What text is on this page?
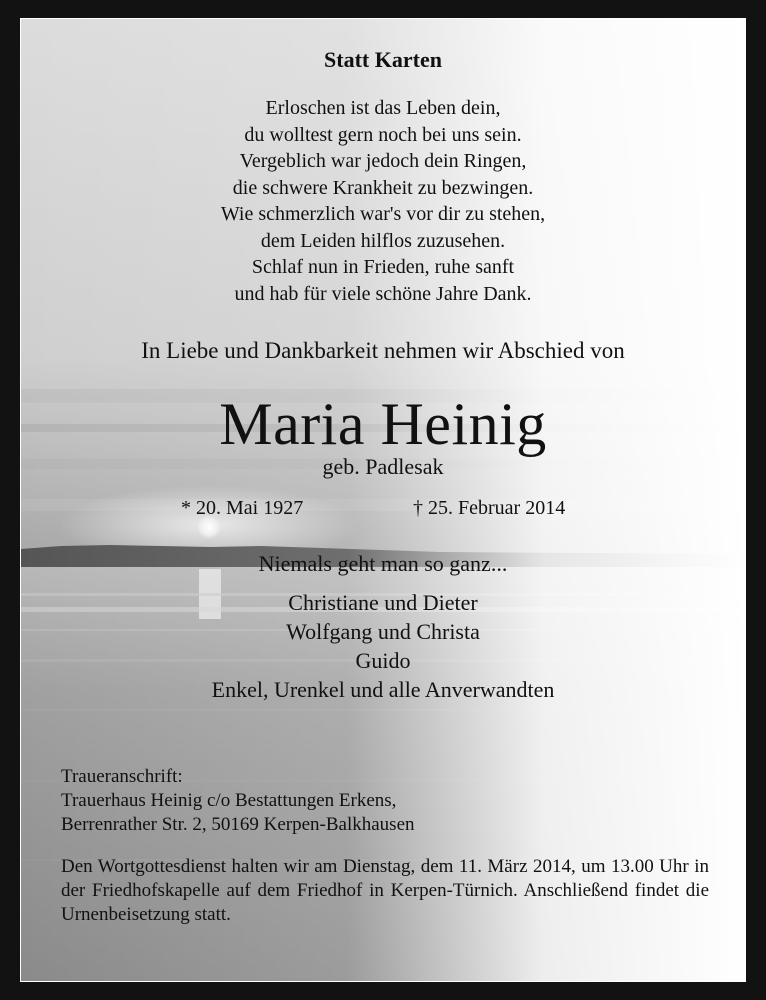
Statt Karten
Erloschen ist das Leben dein,
du wolltest gern noch bei uns sein.
Vergeblich war jedoch dein Ringen,
die schwere Krankheit zu bezwingen.
Wie schmerzlich war's vor dir zu stehen,
dem Leiden hilflos zuzusehen.
Schlaf nun in Frieden, ruhe sanft
und hab für viele schöne Jahre Dank.
In Liebe und Dankbarkeit nehmen wir Abschied von
Maria Heinig
geb. Padlesak
* 20. Mai 1927	† 25. Februar 2014
Niemals geht man so ganz...
Christiane und Dieter
Wolfgang und Christa
Guido
Enkel, Urenkel und alle Anverwandten
Traueranschrift:
Trauerhaus Heinig c/o Bestattungen Erkens,
Berrenrather Str. 2, 50169 Kerpen-Balkhausen
Den Wortgottesdienst halten wir am Dienstag, dem 11. März 2014, um 13.00 Uhr in der Friedhofskapelle auf dem Friedhof in Kerpen-Türnich. Anschließend findet die Urnenbeisetzung statt.
